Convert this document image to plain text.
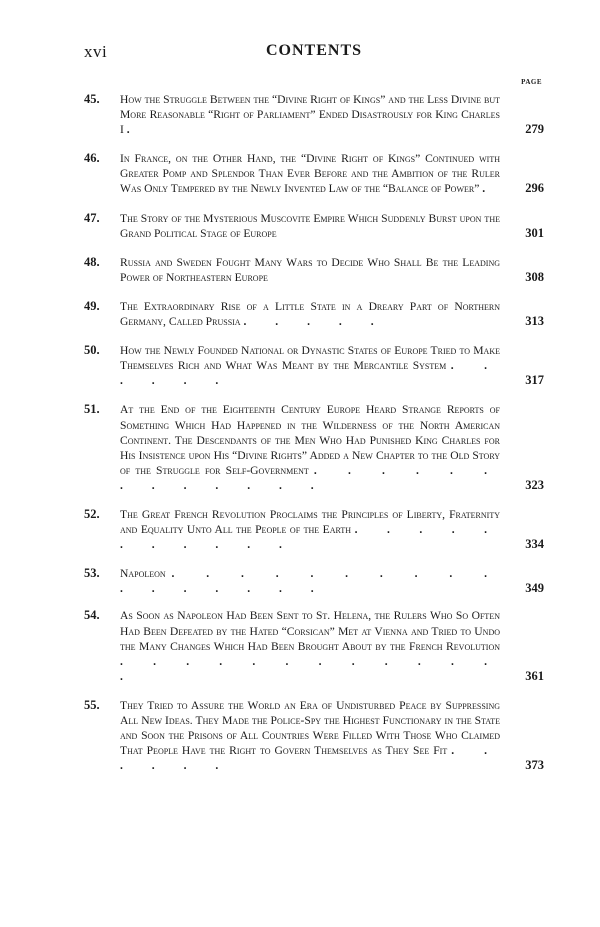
xvi	CONTENTS
PAGE
45. How the Struggle Between the “Divine Right of Kings” and the Less Divine but More Reasonable “Right of Parliament” Ended Disastrously for King Charles I .	279
46. In France, on the Other Hand, the “Divine Right of Kings” Continued with Greater Pomp and Splendor Than Ever Before and the Ambition of the Ruler Was Only Tempered by the Newly Invented Law of the “Balance of Power” . 296
47. The Story of the Mysterious Muscovite Empire Which Suddenly Burst upon the Grand Political Stage of Europe	301
48. Russia and Sweden Fought Many Wars to Decide Who Shall Be the Leading Power of Northeastern Europe	308
49. The Extraordinary Rise of a Little State in a Dreary Part of Northern Germany, Called Prussia . . . . .	313
50. How the Newly Founded National or Dynastic States of Europe Tried to Make Themselves Rich and What Was Meant by the Mercantile System . . . . . .	317
51. At the End of the Eighteenth Century Europe Heard Strange Reports of Something Which Had Happened in the Wilderness of the North American Continent. The Descendants of the Men Who Had Punished King Charles for His Insistence upon His “Divine Rights” Added a New Chapter to the Old Story of the Struggle for Self-Government . . . . . . . . . . . . .	323
52. The Great French Revolution Proclaims the Principles of Liberty, Fraternity and Equality Unto All the People of the Earth . . . . . . . . . . .	334
53. Napoleon . . . . . . . . . . . . . . . . .	349
54. As Soon as Napoleon Had Been Sent to St. Helena, the Rulers Who So Often Had Been Defeated by the Hated “Corsican” Met at Vienna and Tried to Undo the Many Changes Which Had Been Brought About by the French Revolution . . . . . . . . . . . . .	361
55. They Tried to Assure the World an Era of Undisturbed Peace by Suppressing All New Ideas. They Made the Police-Spy the Highest Functionary in the State and Soon the Prisons of All Countries Were Filled With Those Who Claimed That People Have the Right to Govern Themselves as They See Fit . . . . . .	373
